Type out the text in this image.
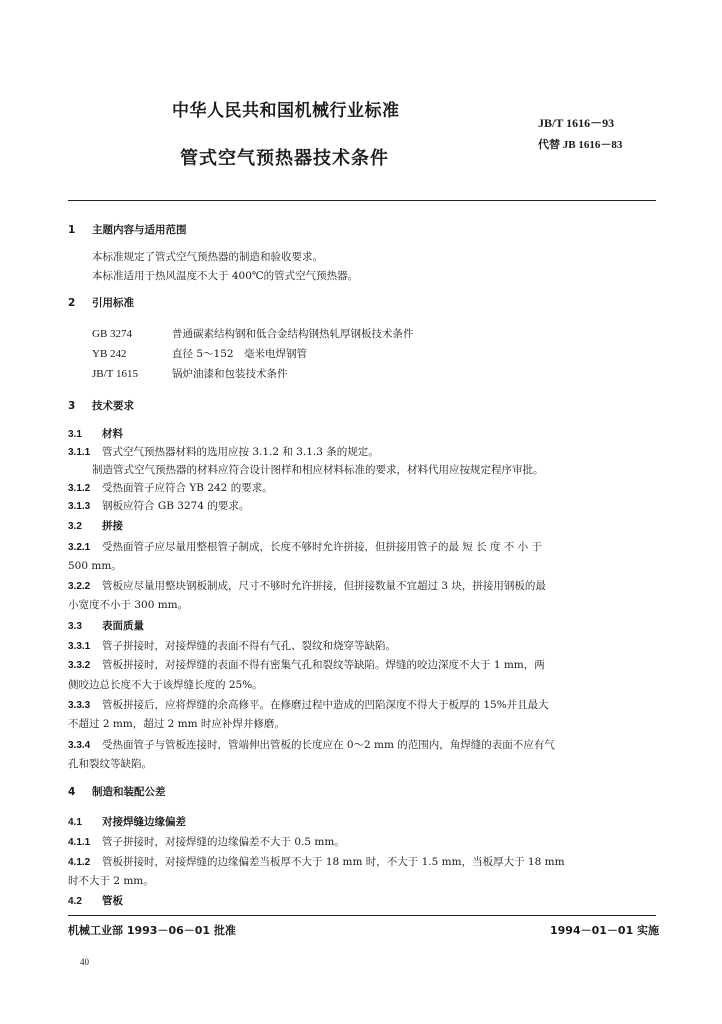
中华人民共和国机械行业标准
管式空气预热器技术条件
JB/T 1616－93
代替 JB 1616－83
1 主题内容与适用范围
本标准规定了管式空气预热器的制造和验收要求。
本标准适用于热风温度不大于 400℃的管式空气预热器。
2 引用标准
GB 3274	普通碳素结构钢和低合金结构钢热轧厚钢板技术条件
YB 242	直径 5～152　毫米电焊钢管
JB/T 1615	锅炉油漆和包装技术条件
3 技术要求
3.1 材料
3.1.1 管式空气预热器材料的选用应按 3.1.2 和 3.1.3 条的规定。
制造管式空气预热器的材料应符合设计图样和相应材料标准的要求，材料代用应按规定程序审批。
3.1.2 受热面管子应符合 YB 242 的要求。
3.1.3 钢板应符合 GB 3274 的要求。
3.2 拼接
3.2.1 受热面管子应尽量用整根管子制成，长度不够时允许拼接，但拼接用管子的最 短 长 度 不 小 于
500 mm。
3.2.2 管板应尽量用整块钢板制成，尺寸不够时允许拼接，但拼接数量不宜超过 3 块，拼接用钢板的最
小宽度不小于 300 mm。
3.3 表面质量
3.3.1 管子拼接时，对接焊缝的表面不得有气孔、裂纹和烧穿等缺陷。
3.3.2 管板拼接时，对接焊缝的表面不得有密集气孔和裂纹等缺陷。焊缝的咬边深度不大于 1 mm，两
侧咬边总长度不大于该焊缝长度的 25%。
3.3.3 管板拼接后，应将焊缝的余高修平。在修磨过程中造成的凹陷深度不得大于板厚的 15%并且最大
不超过 2 mm，超过 2 mm 时应补焊并修磨。
3.3.4 受热面管子与管板连接时，管端伸出管板的长度应在 0～2 mm 的范围内，角焊缝的表面不应有气
孔和裂纹等缺陷。
4 制造和装配公差
4.1 对接焊缝边缘偏差
4.1.1 管子拼接时，对接焊缝的边缘偏差不大于 0.5 mm。
4.1.2 管板拼接时，对接焊缝的边缘偏差当板厚不大于 18 mm 时，不大于 1.5 mm，当板厚大于 18 mm
时不大于 2 mm。
4.2 管板
机械工业部 1993－06－01 批准	1994－01－01 实施
40
